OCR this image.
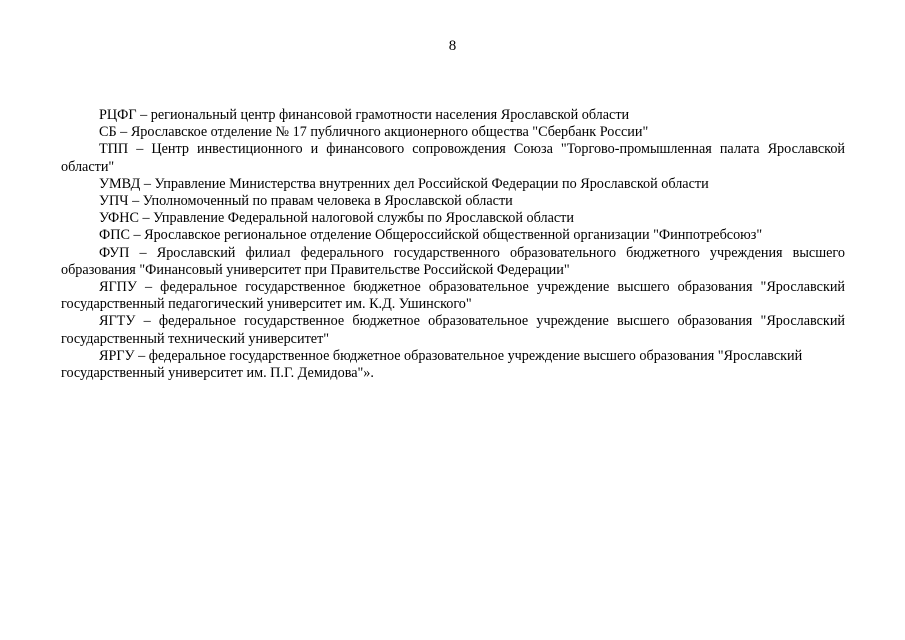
8

РЦФГ – региональный центр финансовой грамотности населения Ярославской области

СБ – Ярославское отделение № 17 публичного акционерного общества "Сбербанк России"

ТПП – Центр инвестиционного и финансового сопровождения Союза "Торгово-промышленная палата Ярославской области"

УМВД – Управление Министерства внутренних дел Российской Федерации по Ярославской области

УПЧ – Уполномоченный по правам человека в Ярославской области

УФНС – Управление Федеральной налоговой службы по Ярославской области

ФПС – Ярославское региональное отделение Общероссийской общественной организации "Финпотребсоюз"

ФУП – Ярославский филиал федерального государственного образовательного бюджетного учреждения высшего образования "Финансовый университет при Правительстве Российской Федерации"

ЯГПУ – федеральное государственное бюджетное образовательное учреждение высшего образования "Ярославский государственный педагогический университет им. К.Д. Ушинского"

ЯГТУ – федеральное государственное бюджетное образовательное учреждение высшего образования "Ярославский государственный технический университет"

ЯРГУ – федеральное государственное бюджетное образовательное учреждение высшего образования "Ярославский государственный университет им. П.Г. Демидова"».
